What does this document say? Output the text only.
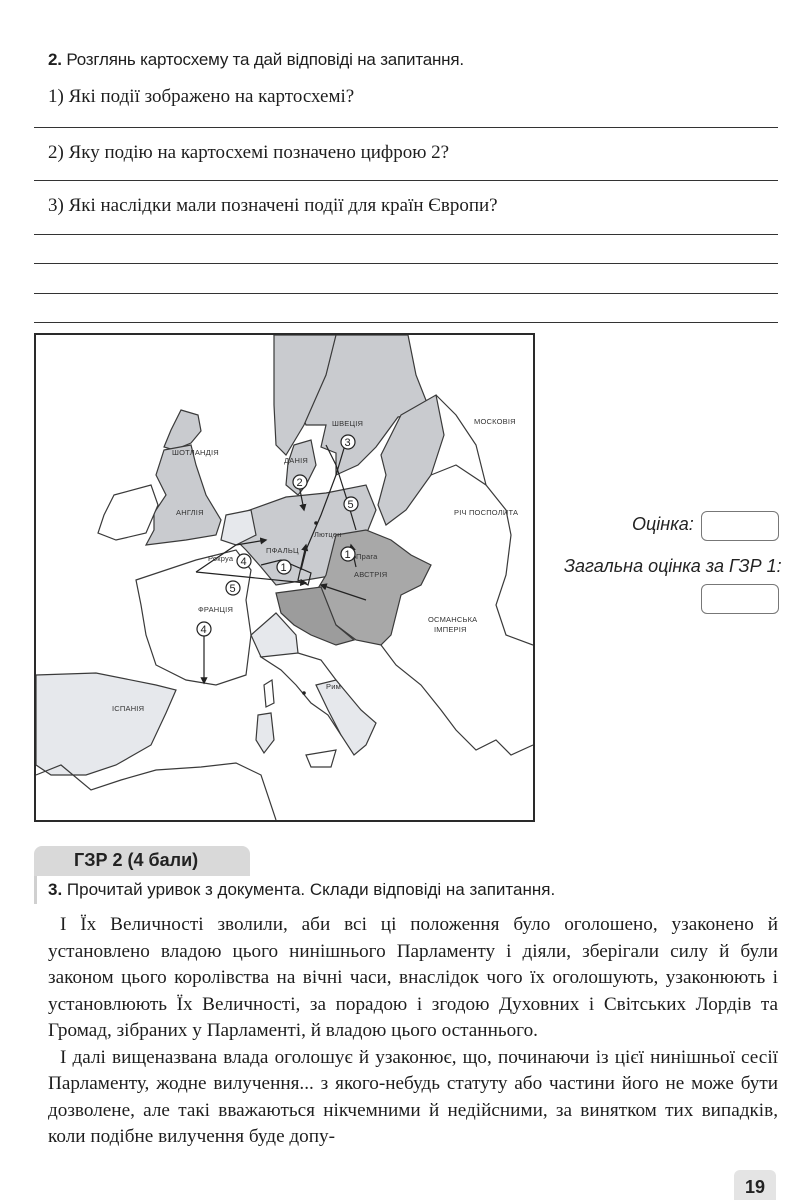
2. Розглянь картосхему та дай відповіді на запитання.
1) Які події зображено на картосхемі?
2) Яку подію на картосхемі позначено цифрою 2?
3) Які наслідки мали позначені події для країн Європи?
ШОТЛАНДІЯ
АНГЛІЯ
ШВЕЦІЯ	МОСКОВІЯ
ДАНІЯ
РІЧ ПОСПОЛИТА
ПФАЛЬЦ
Лютцен
Прага
АВСТРІЯ
Рокруа
ФРАНЦІЯ
ОСМАНСЬКА
ІМПЕРІЯ
Рим
ІСПАНІЯ
3
2
5
1
1
4
5
4
Оцінка:
Загальна оцінка за ГЗР 1:
ГЗР 2 (4 бали)
3. Прочитай уривок з документа. Склади відповіді на запитання.

І Їх Величності зволили, аби всі ці положення було оголошено, узаконено й установлено владою цього нинішнього Парламенту і діяли, зберігали силу й були законом цього королівства на вічні часи, внаслідок чого їх оголошують, узаконюють і установлюють Їх Величності, за порадою і згодою Духовних і Світських Лордів та Громад, зібраних у Парламенті, й владою цього останнього.

І далі вищеназвана влада оголошує й узаконює, що, починаючи із цієї нинішньої сесії Парламенту, жодне вилучення... з якого-небудь статуту або частини його не може бути дозволене, але такі вважаються нікчемними й недійсними, за винятком тих випадків, коли подібне вилучення буде допу-

19
